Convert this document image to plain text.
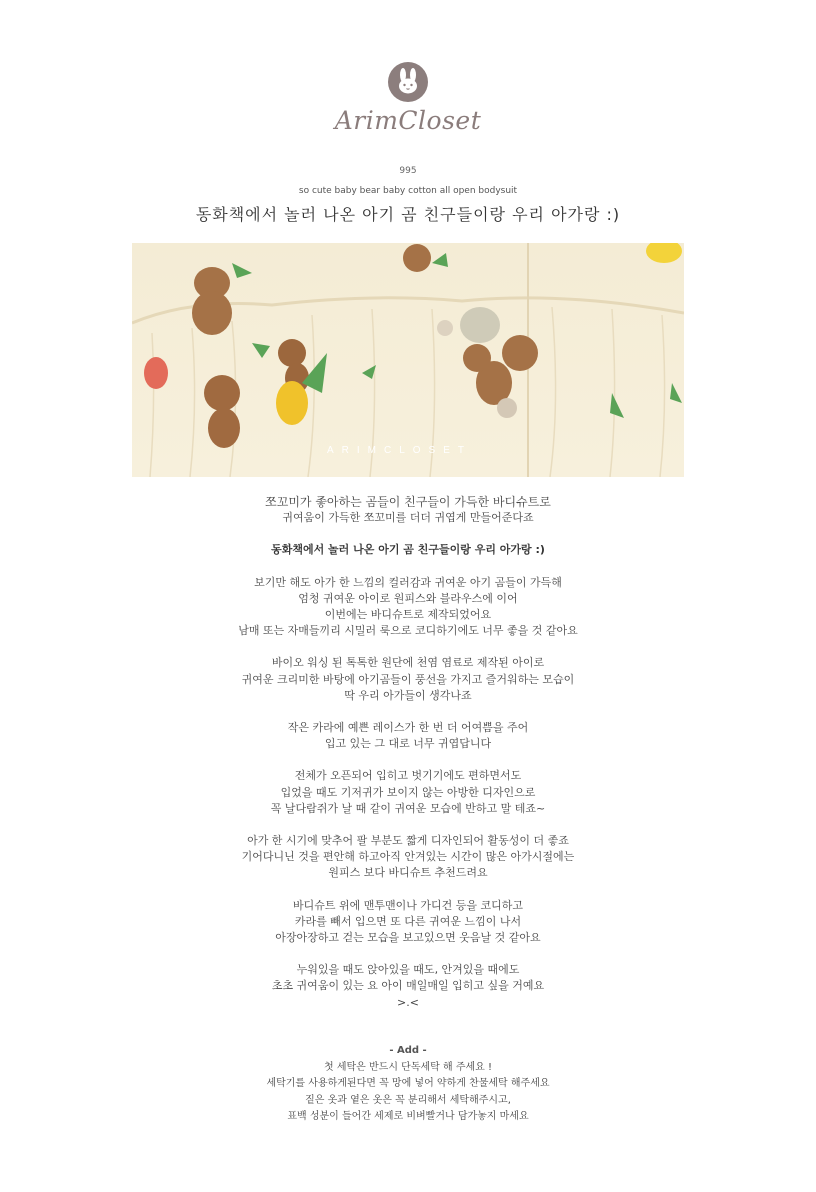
ArimCloset
995
so cute baby bear baby cotton all open bodysuit
동화책에서 놀러 나온 아기 곰 친구들이랑 우리 아가랑 :)
ARIMCLOSET

쪼꼬미가 좋아하는 곰들이 친구들이 가득한 바디슈트로

귀여움이 가득한 쪼꼬미를 더더 귀엽게 만들어준다죠

동화책에서 놀러 나온 아기 곰 친구들이랑 우리 아가랑 :)

보기만 해도 아가 한 느낌의 컬러감과 귀여운 아기 곰들이 가득해

엄청 귀여운 아이로 원피스와 블라우스에 이어

이번에는 바디슈트로 제작되었어요

남매 또는 자매들끼리 시밀러 룩으로 코디하기에도 너무 좋을 것 같아요

바이오 워싱 된 톡톡한 원단에 천염 염료로 제작된 아이로

귀여운 크리미한 바탕에 아기곰들이 풍선을 가지고 즐거워하는 모습이

딱 우리 아가들이 생각나죠

작은 카라에 예쁜 레이스가 한 번 더 어여쁨을 주어

입고 있는 그 대로 너무 귀엽답니다

전체가 오픈되어 입히고 벗기기에도 편하면서도

입었을 때도 기저귀가 보이지 않는 아방한 디자인으로

꼭 날다람쥐가 날 때 같이 귀여운 모습에 반하고 말 테죠~

아가 한 시기에 맞추어 팔 부분도 짧게 디자인되어 활동성이 더 좋죠

기어다니닌 것을 편안해 하고아직 안겨있는 시간이 많은 아가시절에는

원피스 보다 바디슈트 추천드려요

바디슈트 위에 맨투맨이나 가디건 등을 코디하고

카라를 빼서 입으면 또 다른 귀여운 느낌이 나서

아장아장하고 걷는 모습을 보고있으면 웃음날 것 같아요

누워있을 때도 앉아있을 때도, 안겨있을 때에도

초초 귀여움이 있는 요 아이 매일매일 입히고 싶을 거예요

>.<

- Add -

첫 세탁은 반드시 단독세탁 해 주세요 !

세탁기를 사용하게된다면 꼭 망에 넣어 약하게 찬물세탁 해주세요

짙은 옷과 옅은 옷은 꼭 분리해서 세탁해주시고,

표백 성분이 들어간 세제로 비벼빨거나 담가놓지 마세요
